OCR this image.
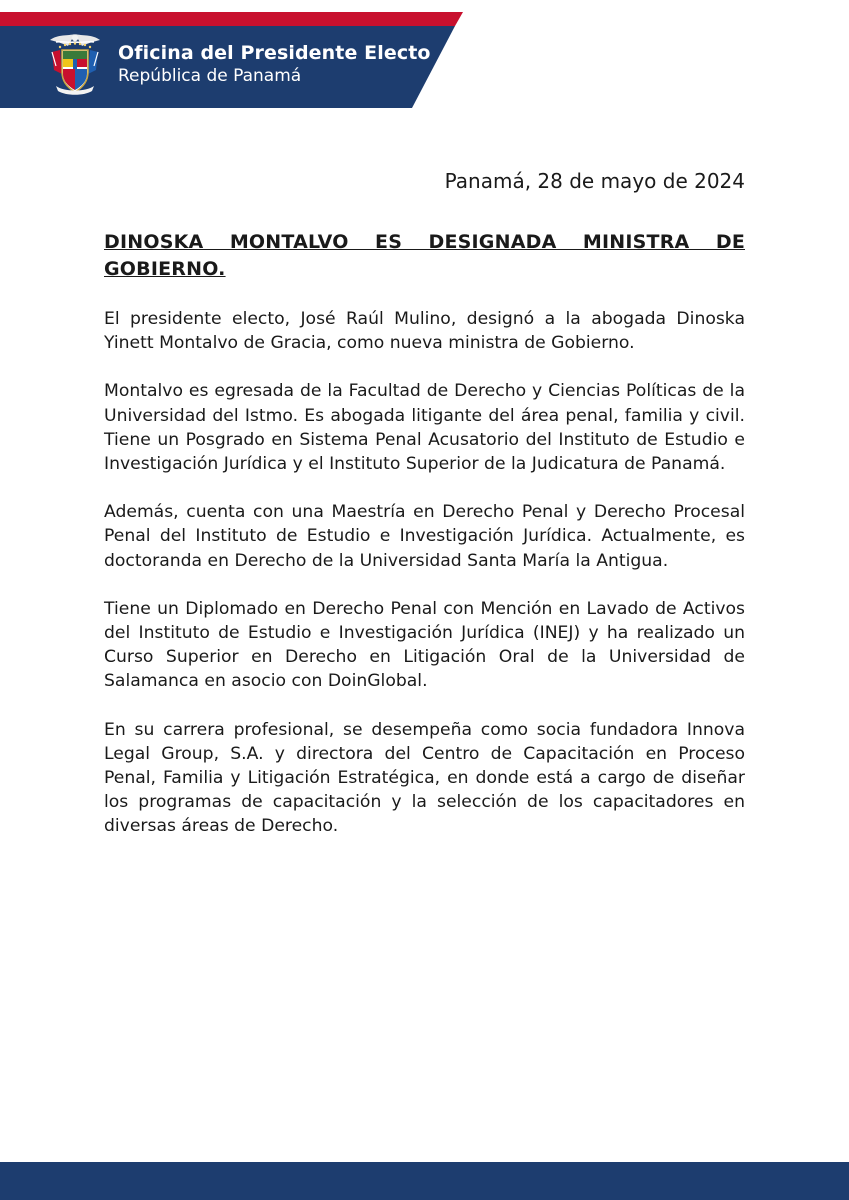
Oficina del Presidente Electo
República de Panamá
Panamá, 28 de mayo de 2024
DINOSKA MONTALVO ES DESIGNADA MINISTRA DE GOBIERNO.

El presidente electo, José Raúl Mulino, designó a la abogada Dinoska Yinett Montalvo de Gracia, como nueva ministra de Gobierno.

Montalvo es egresada de la Facultad de Derecho y Ciencias Políticas de la Universidad del Istmo. Es abogada litigante del área penal, familia y civil. Tiene un Posgrado en Sistema Penal Acusatorio del Instituto de Estudio e Investigación Jurídica y el Instituto Superior de la Judicatura de Panamá.

Además, cuenta con una Maestría en Derecho Penal y Derecho Procesal Penal del Instituto de Estudio e Investigación Jurídica. Actualmente, es doctoranda en Derecho de la Universidad Santa María la Antigua.

Tiene un Diplomado en Derecho Penal con Mención en Lavado de Activos del Instituto de Estudio e Investigación Jurídica (INEJ) y ha realizado un Curso Superior en Derecho en Litigación Oral de la Universidad de Salamanca en asocio con DoinGlobal.

En su carrera profesional, se desempeña como socia fundadora Innova Legal Group, S.A. y directora del Centro de Capacitación en Proceso Penal, Familia y Litigación Estratégica, en donde está a cargo de diseñar los programas de capacitación y la selección de los capacitadores en diversas áreas de Derecho.
